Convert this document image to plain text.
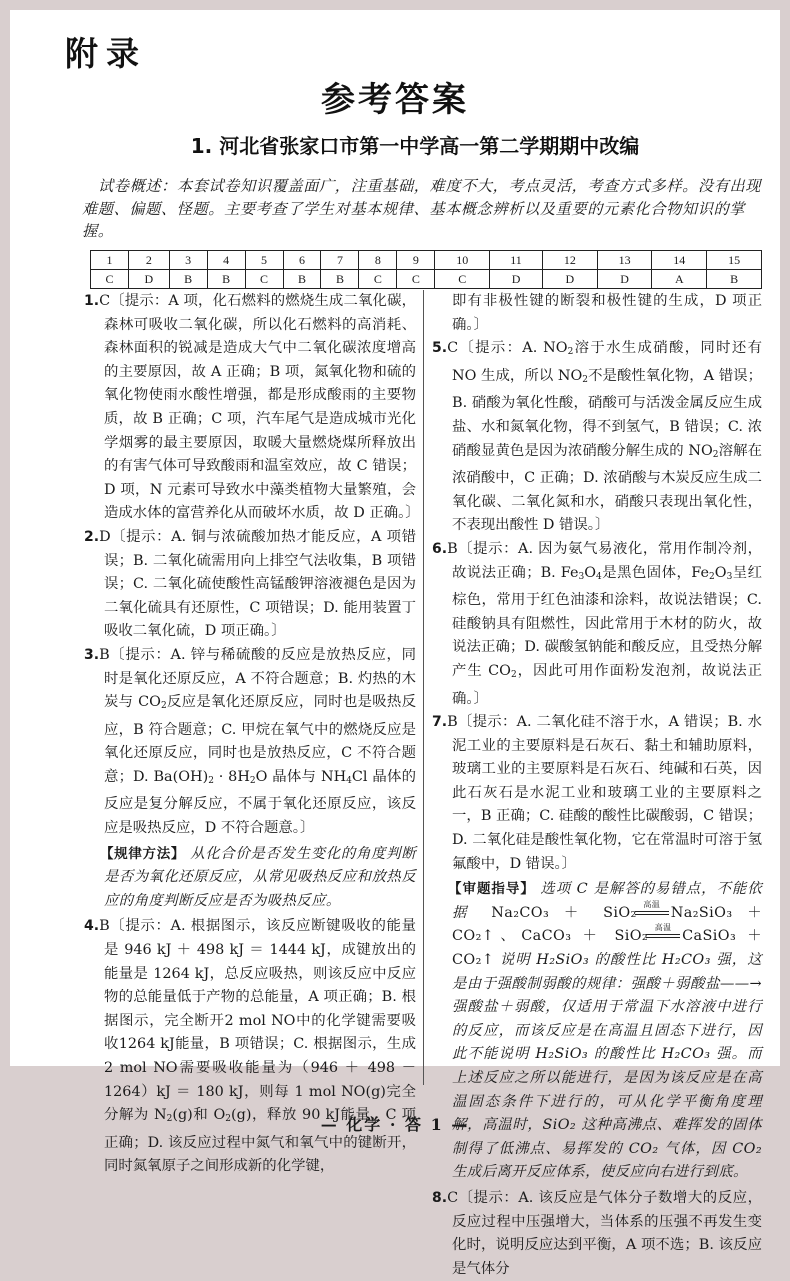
附录
参考答案
1. 河北省张家口市第一中学高一第二学期期中改编
试卷概述：本套试卷知识覆盖面广，注重基础，难度不大，考点灵活，考查方式多样。没有出现难题、偏题、怪题。主要考查了学生对基本规律、基本概念辨析以及重要的元素化合物知识的掌握。
1	2	3	4	5	6	7	8	9	10	11	12	13	14	15
C	D	B	B	C	B	B	C	C	C	D	D	D	A	B

1.C〔提示：A 项，化石燃料的燃烧生成二氧化碳，森林可吸收二氧化碳，所以化石燃料的高消耗、森林面积的锐减是造成大气中二氧化碳浓度增高的主要原因，故 A 正确；B 项，氮氧化物和硫的氧化物使雨水酸性增强，都是形成酸雨的主要物质，故 B 正确；C 项，汽车尾气是造成城市光化学烟雾的最主要原因，取暖大量燃烧煤所释放出的有害气体可导致酸雨和温室效应，故 C 错误；D 项，N 元素可导致水中藻类植物大量繁殖，会造成水体的富营养化从而破坏水质，故 D 正确。〕

2.D〔提示：A. 铜与浓硫酸加热才能反应，A 项错误；B. 二氧化硫需用向上排空气法收集，B 项错误；C. 二氧化硫使酸性高锰酸钾溶液褪色是因为二氧化硫具有还原性，C 项错误；D. 能用装置丁吸收二氧化硫，D 项正确。〕

3.B〔提示：A. 锌与稀硫酸的反应是放热反应，同时是氧化还原反应，A 不符合题意；B. 灼热的木炭与 $CO_2$反应是氧化还原反应，同时也是吸热反应，B 符合题意；C. 甲烷在氧气中的燃烧反应是氧化还原反应，同时也是放热反应，C 不符合题意；D. $Ba(OH)_2 \cdot 8H_2O$ 晶体与 $NH_4Cl$ 晶体的反应是复分解反应，不属于氧化还原反应，该反应是吸热反应，D 不符合题意。〕

【规律方法】 从化合价是否发生变化的角度判断是否为氧化还原反应，从常见吸热反应和放热反应的角度判断反应是否为吸热反应。

4.B〔提示：A. 根据图示，该反应断键吸收的能量是 946 kJ ＋ 498 kJ ＝ 1444 kJ，成键放出的能量是 1264 kJ，总反应吸热，则该反应中反应物的总能量低于产物的总能量，A 项正确；B. 根据图示，完全断开2 mol NO中的化学键需要吸收1264 kJ能量，B 项错误；C. 根据图示，生成2 mol NO需要吸收能量为（946 ＋ 498 － 1264）kJ ＝ 180 kJ，则每 1 mol NO(g)完全分解为 $N_2(g)$和 $O_2(g)$，释放 90 kJ能量，C 项正确；D. 该反应过程中氮气和氧气中的键断开，同时氮氧原子之间形成新的化学键，

即有非极性键的断裂和极性键的生成，D 项正确。〕

5.C〔提示：A. $NO_2$溶于水生成硝酸，同时还有 NO 生成，所以 $NO_2$不是酸性氧化物，A 错误；B. 硝酸为氧化性酸，硝酸可与活泼金属反应生成盐、水和氮氧化物，得不到氢气，B 错误；C. 浓硝酸显黄色是因为浓硝酸分解生成的 $NO_2$溶解在浓硝酸中，C 正确；D. 浓硝酸与木炭反应生成二氧化碳、二氧化氮和水，硝酸只表现出氧化性，不表现出酸性 D 错误。〕

6.B〔提示：A. 因为氨气易液化，常用作制冷剂，故说法正确；B. $Fe_3O_4$是黑色固体，$Fe_2O_3$呈红棕色，常用于红色油漆和涂料，故说法错误；C. 硅酸钠具有阻燃性，因此常用于木材的防火，故说法正确；D. 碳酸氢钠能和酸反应，且受热分解产生 $CO_2$，因此可用作面粉发泡剂，故说法正确。〕

7.B〔提示：A. 二氧化硅不溶于水，A 错误；B. 水泥工业的主要原料是石灰石、黏土和辅助原料，玻璃工业的主要原料是石灰石、纯碱和石英，因此石灰石是水泥工业和玻璃工业的主要原料之一，B 正确；C. 硅酸的酸性比碳酸弱，C 错误；D. 二氧化硅是酸性氧化物，它在常温时可溶于氢氟酸中，D 错误。〕

【审题指导】 选项 C 是解答的易错点，不能依据 Na₂CO₃ ＋ SiO₂
高温
Na₂SiO₃ ＋ CO₂↑、CaCO₃ ＋ SiO₂
高温
CaSiO₃ ＋ CO₂↑ 说明 H₂SiO₃ 的酸性比 H₂CO₃ 强，这是由于强酸制弱酸的规律：强酸＋弱酸盐——→强酸盐＋弱酸，仅适用于常温下水溶液中进行的反应，而该反应是在高温且固态下进行，因此不能说明 H₂SiO₃ 的酸性比 H₂CO₃ 强。而上述反应之所以能进行，是因为该反应是在高温固态条件下进行的，可从化学平衡角度理解，高温时，SiO₂ 这种高沸点、难挥发的固体制得了低沸点、易挥发的 CO₂ 气体，因 CO₂ 生成后离开反应体系，使反应向右进行到底。

8.C〔提示：A. 该反应是气体分子数增大的反应，反应过程中压强增大，当体系的压强不再发生变化时，说明反应达到平衡，A 项不选；B. 该反应是气体分

— 化学 · 答 1 —
